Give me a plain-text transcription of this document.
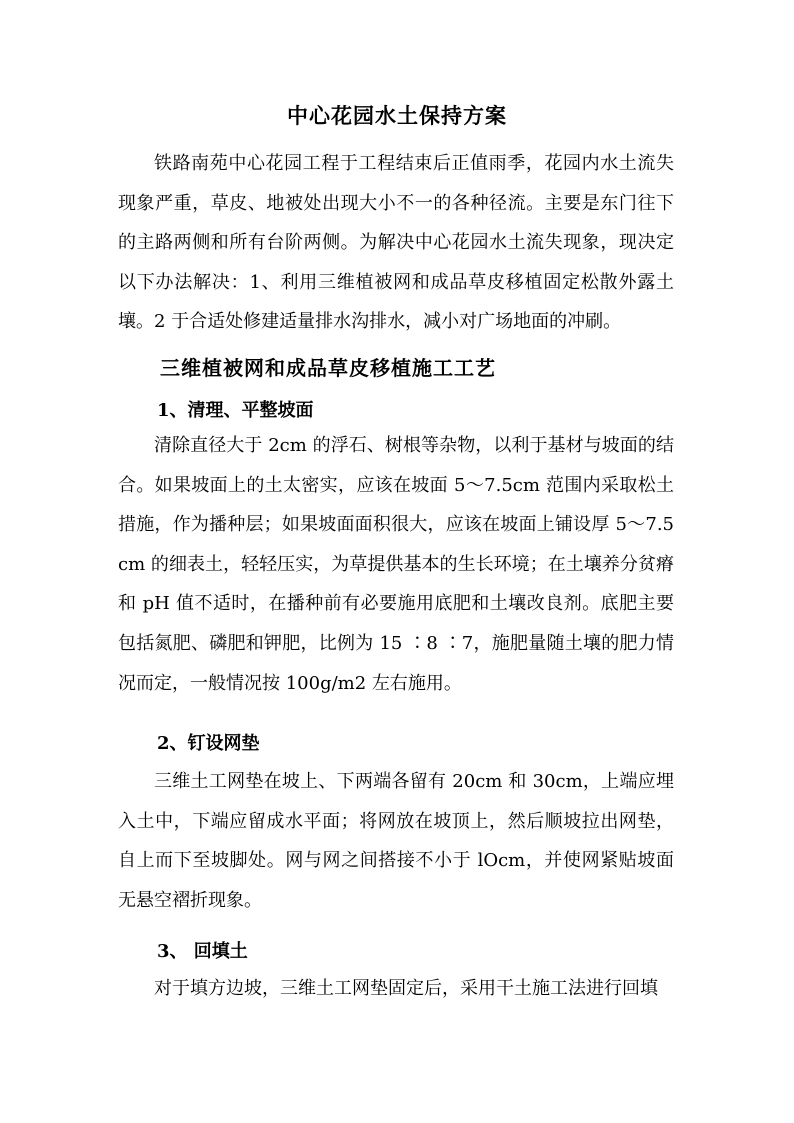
中心花园水土保持方案
铁路南苑中心花园工程于工程结束后正值雨季，花园内水土流失现象严重，草皮、地被处出现大小不一的各种径流。主要是东门往下的主路两侧和所有台阶两侧。为解决中心花园水土流失现象，现决定以下办法解决：1、利用三维植被网和成品草皮移植固定松散外露土壤。2 于合适处修建适量排水沟排水，减小对广场地面的冲刷。
三维植被网和成品草皮移植施工工艺
1、清理、平整坡面
清除直径大于 2cm 的浮石、树根等杂物，以利于基材与坡面的结合。如果坡面上的土太密实，应该在坡面 5～7.5cm 范围内采取松土措施，作为播种层；如果坡面面积很大，应该在坡面上铺设厚 5～7.5cm 的细表土，轻轻压实，为草提供基本的生长环境；在土壤养分贫瘠和 pH 值不适时，在播种前有必要施用底肥和土壤改良剂。底肥主要包括氮肥、磷肥和钾肥，比例为 15 ∶8 ∶7，施肥量随土壤的肥力情况而定，一般情况按 100g/m2 左右施用。
2、钉设网垫
三维土工网垫在坡上、下两端各留有 20cm 和 30cm，上端应埋入土中，下端应留成水平面；将网放在坡顶上，然后顺坡拉出网垫，自上而下至坡脚处。网与网之间搭接不小于 lOcm，并使网紧贴坡面无悬空褶折现象。
3、 回填土
对于填方边坡，三维土工网垫固定后，采用干土施工法进行回填
